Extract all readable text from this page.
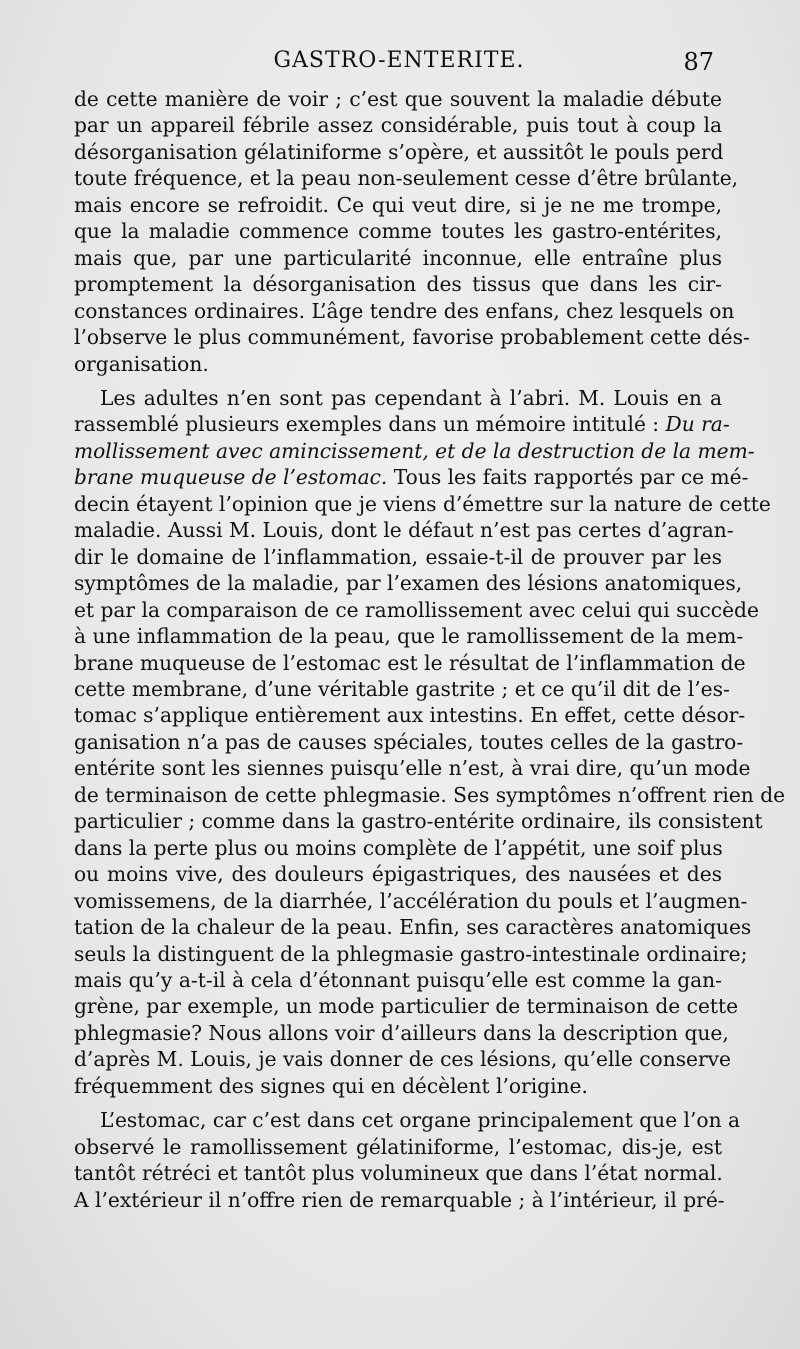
GASTRO-ENTERITE.	87
de cette manière de voir ; c’est que souvent la maladie débute
par un appareil fébrile assez considérable, puis tout à coup la
désorganisation gélatiniforme s’opère, et aussitôt le pouls perd
toute fréquence, et la peau non-seulement cesse d’être brûlante,
mais encore se refroidit. Ce qui veut dire, si je ne me trompe,
que la maladie commence comme toutes les gastro-entérites,
mais que, par une particularité inconnue, elle entraîne plus
promptement la désorganisation des tissus que dans les cir-
constances ordinaires. L’âge tendre des enfans, chez lesquels on
l’observe le plus communément, favorise probablement cette dés-
organisation.
Les adultes n’en sont pas cependant à l’abri. M. Louis en a
rassemblé plusieurs exemples dans un mémoire intitulé : Du ra-
mollissement avec amincissement, et de la destruction de la mem-
brane muqueuse de l’estomac. Tous les faits rapportés par ce mé-
decin étayent l’opinion que je viens d’émettre sur la nature de cette
maladie. Aussi M. Louis, dont le défaut n’est pas certes d’agran-
dir le domaine de l’inflammation, essaie-t-il de prouver par les
symptômes de la maladie, par l’examen des lésions anatomiques,
et par la comparaison de ce ramollissement avec celui qui succède
à une inflammation de la peau, que le ramollissement de la mem-
brane muqueuse de l’estomac est le résultat de l’inflammation de
cette membrane, d’une véritable gastrite ; et ce qu’il dit de l’es-
tomac s’applique entièrement aux intestins. En effet, cette désor-
ganisation n’a pas de causes spéciales, toutes celles de la gastro-
entérite sont les siennes puisqu’elle n’est, à vrai dire, qu’un mode
de terminaison de cette phlegmasie. Ses symptômes n’offrent rien de
particulier ; comme dans la gastro-entérite ordinaire, ils consistent
dans la perte plus ou moins complète de l’appétit, une soif plus
ou moins vive, des douleurs épigastriques, des nausées et des
vomissemens, de la diarrhée, l’accélération du pouls et l’augmen-
tation de la chaleur de la peau. Enfin, ses caractères anatomiques
seuls la distinguent de la phlegmasie gastro-intestinale ordinaire;
mais qu’y a-t-il à cela d’étonnant puisqu’elle est comme la gan-
grène, par exemple, un mode particulier de terminaison de cette
phlegmasie? Nous allons voir d’ailleurs dans la description que,
d’après M. Louis, je vais donner de ces lésions, qu’elle conserve
fréquemment des signes qui en décèlent l’origine.
L’estomac, car c’est dans cet organe principalement que l’on a
observé le ramollissement gélatiniforme, l’estomac, dis-je, est
tantôt rétréci et tantôt plus volumineux que dans l’état normal.
A l’extérieur il n’offre rien de remarquable ; à l’intérieur, il pré-
